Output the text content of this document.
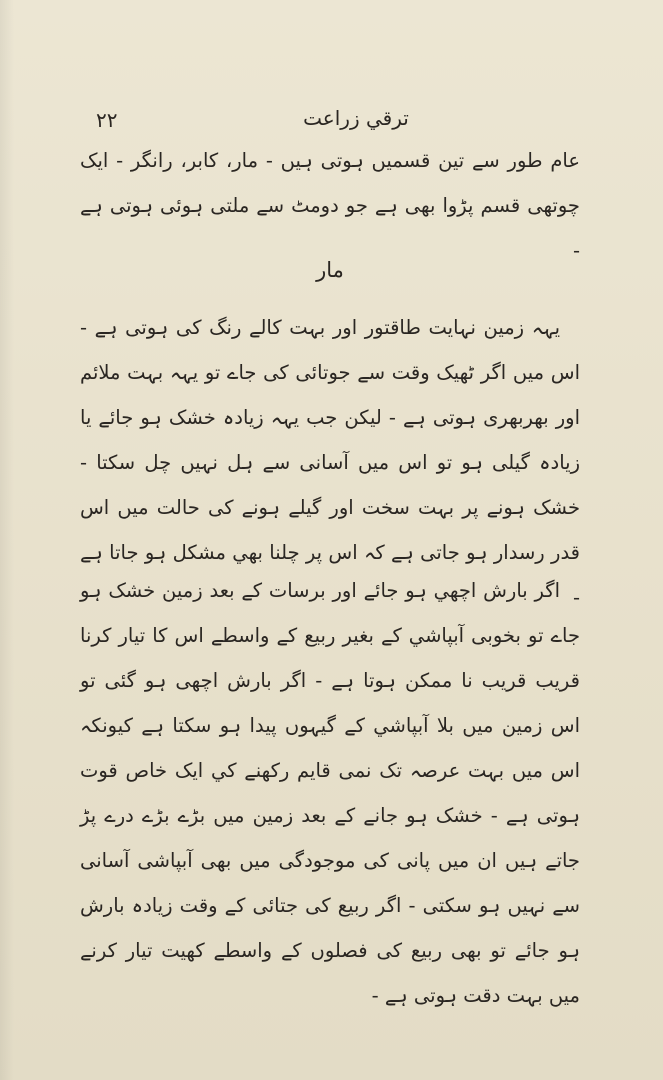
۲۲	ترقي زراعت

عام طور سے تین قسمیں ہوتی ہیں - مار، کابر، رانگر - ایک چوتھی قسم پڑوا بھی ہے جو دومٹ سے ملتی ہوئی ہوتی ہے -

مار

یہہ زمین نہایت طاقتور اور بہت کالے رنگ کی ہوتی ہے - اس میں اگر ٹھیک وقت سے جوتائی کی جاے تو یہہ بہت ملائم اور بھربھری ہوتی ہے - لیکن جب یہہ زیادہ خشک ہو جائے یا زیادہ گیلی ہو تو اس میں آسانی سے ہل نہیں چل سکتا - خشک ہونے پر بہت سخت اور گیلے ہونے کی حالت میں اس قدر رسدار ہو جاتی ہے کہ اس پر چلنا بھي مشکل ہو جاتا ہے -

اگر بارش اچھي ہو جائے اور برسات کے بعد زمین خشک ہو جاے تو بخوبی آبپاشي کے بغیر ربیع کے واسطے اس کا تیار کرنا قریب قریب نا ممکن ہوتا ہے - اگر بارش اچھی ہو گئی تو اس زمین میں بلا آبپاشي کے گیہوں پیدا ہو سکتا ہے کیونکہ اس میں بہت عرصہ تک نمی قایم رکھنے کي ایک خاص قوت ہوتی ہے - خشک ہو جانے کے بعد زمین میں بڑے بڑے درے پڑ جاتے ہیں ان میں پانی کی موجودگی میں بھی آبپاشی آسانی سے نہیں ہو سکتی - اگر ربیع کی جتائی کے وقت زیادہ بارش ہو جائے تو بھی ربیع کی فصلوں کے واسطے کھیت تیار کرنے میں بہت دقت ہوتی ہے -
